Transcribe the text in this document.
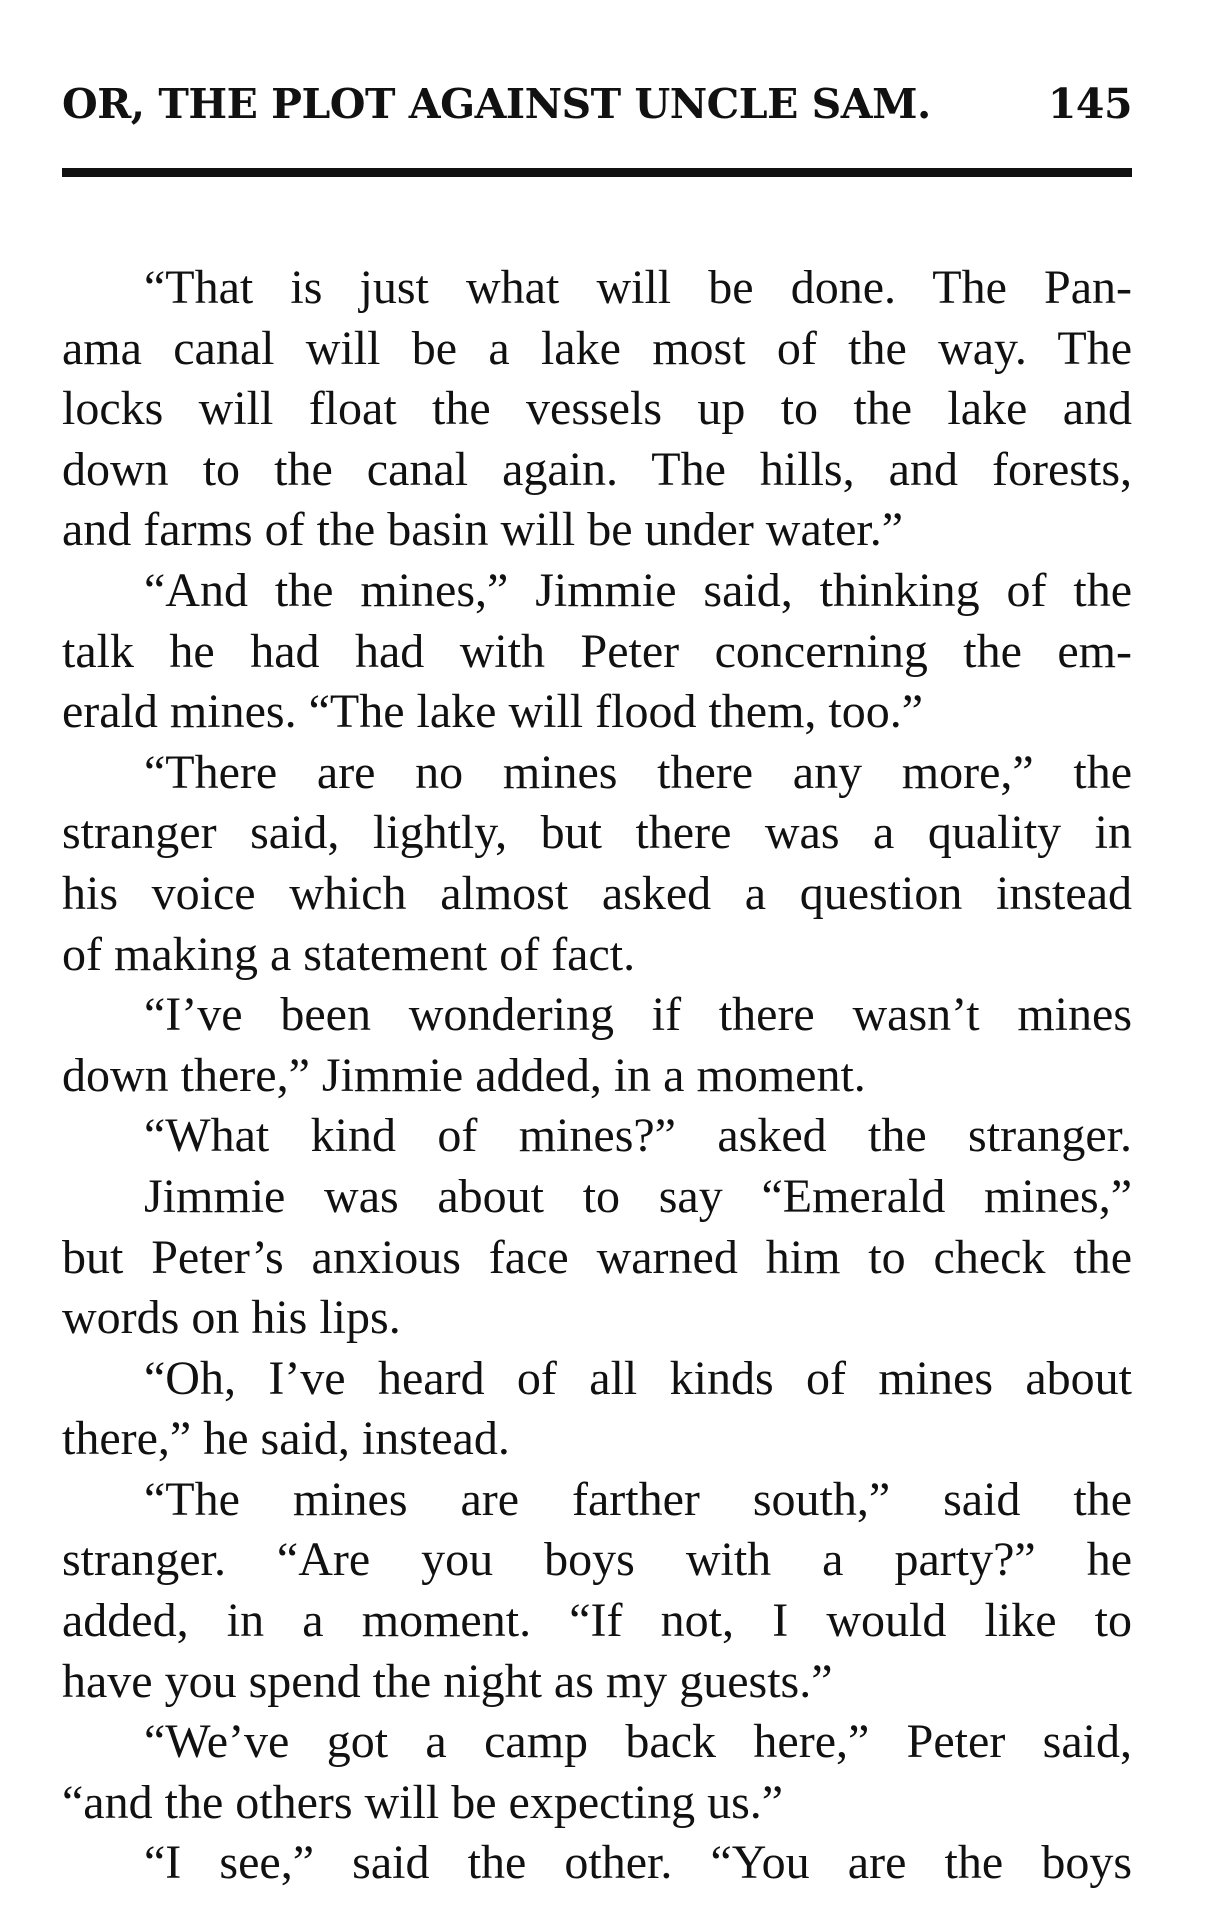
OR, THE PLOT AGAINST UNCLE SAM.	145
“That is just what will be done. The Pan-
ama canal will be a lake most of the way. The
locks will float the vessels up to the lake and
down to the canal again. The hills, and forests,
and farms of the basin will be under water.”
“And the mines,” Jimmie said, thinking of the
talk he had had with Peter concerning the em-
erald mines. “The lake will flood them, too.”
“There are no mines there any more,” the
stranger said, lightly, but there was a quality in
his voice which almost asked a question instead
of making a statement of fact.
“I’ve been wondering if there wasn’t mines
down there,” Jimmie added, in a moment.
“What kind of mines?” asked the stranger.
Jimmie was about to say “Emerald mines,”
but Peter’s anxious face warned him to check the
words on his lips.
“Oh, I’ve heard of all kinds of mines about
there,” he said, instead.
“The mines are farther south,” said the
stranger. “Are you boys with a party?” he
added, in a moment. “If not, I would like to
have you spend the night as my guests.”
“We’ve got a camp back here,” Peter said,
“and the others will be expecting us.”
“I see,” said the other. “You are the boys
